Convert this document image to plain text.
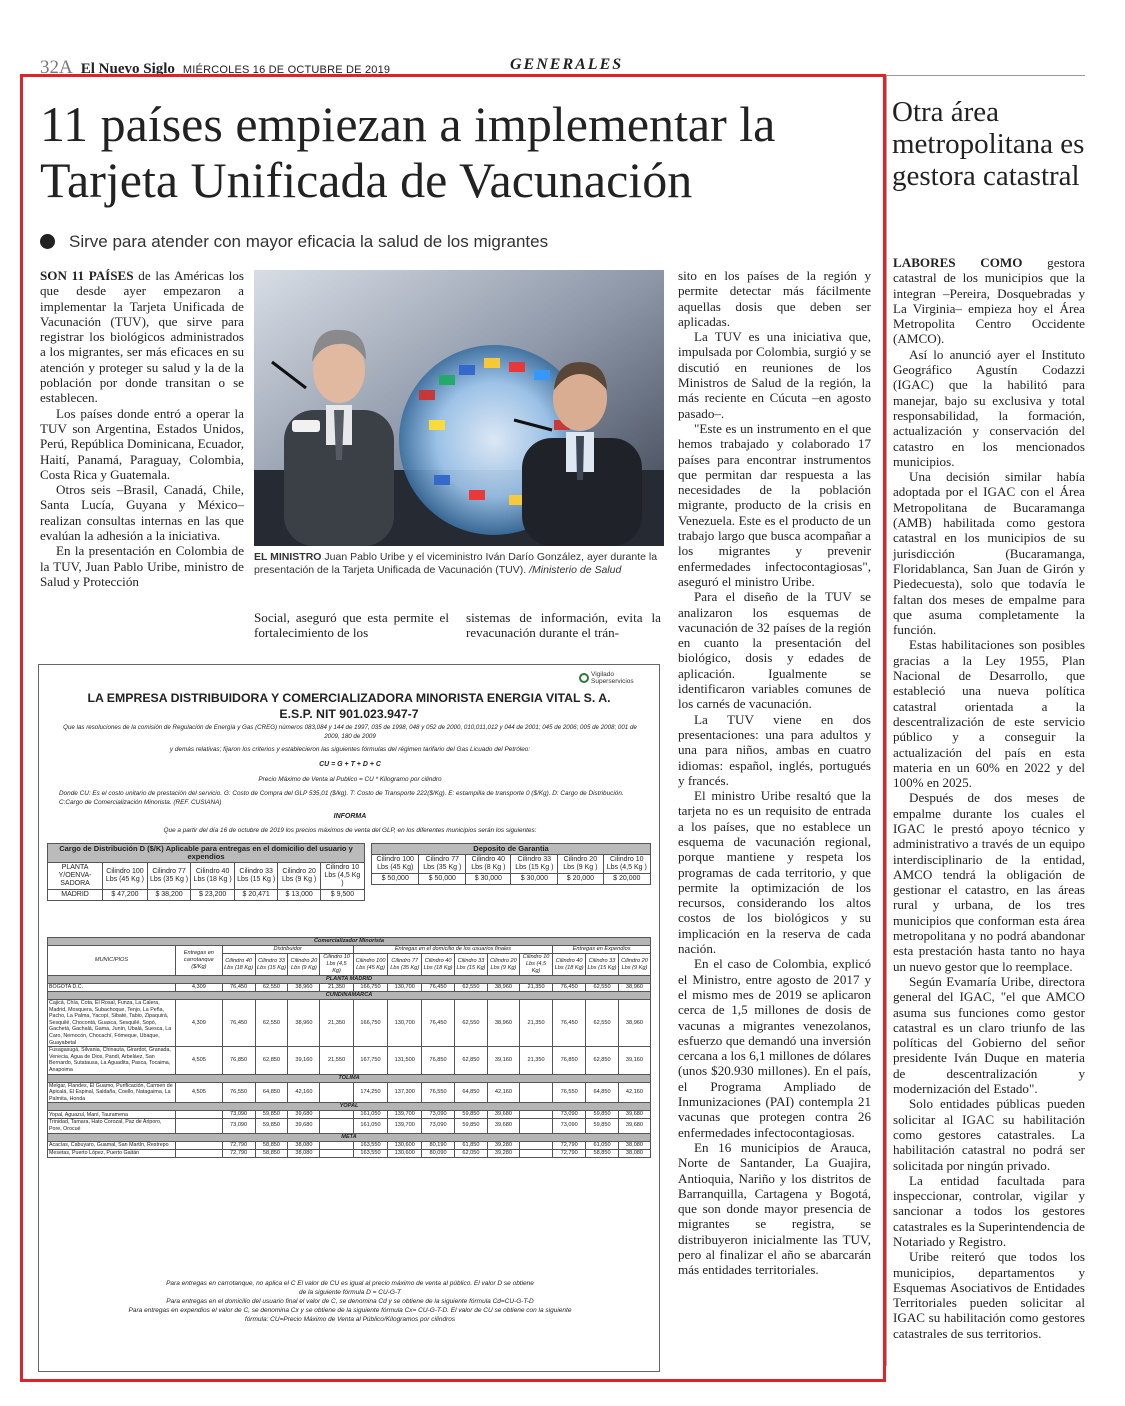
32A El Nuevo Siglo MIÉRCOLES 16 DE OCTUBRE DE 2019	GENERALES
11 países empiezan a implementar la Tarjeta Unificada de Vacunación
Sirve para atender con mayor eficacia la salud de los migrantes

SON 11 PAÍSES de las Américas los que desde ayer empezaron a implementar la Tarjeta Unificada de Vacunación (TUV), que sirve para registrar los biológicos administrados a los migrantes, ser más eficaces en su atención y proteger su salud y la de la población por donde transitan o se establecen.

Los países donde entró a operar la TUV son Argentina, Estados Unidos, Perú, República Dominicana, Ecuador, Haití, Panamá, Paraguay, Colombia, Costa Rica y Guatemala.

Otros seis –Brasil, Canadá, Chile, Santa Lucía, Guyana y México– realizan consultas internas en las que evalúan la adhesión a la iniciativa.

En la presentación en Colombia de la TUV, Juan Pablo Uribe, ministro de Salud y Protección

EL MINISTRO Juan Pablo Uribe y el viceministro Iván Darío González, ayer durante la presentación de la Tarjeta Unificada de Vacunación (TUV). /Ministerio de Salud

Social, aseguró que esta permite el fortalecimiento de los

sistemas de información, evita la revacunación durante el trán-

sito en los países de la región y permite detectar más fácilmente aquellas dosis que deben ser aplicadas.

La TUV es una iniciativa que, impulsada por Colombia, surgió y se discutió en reuniones de los Ministros de Salud de la región, la más reciente en Cúcuta –en agosto pasado–.

"Este es un instrumento en el que hemos trabajado y colaborado 17 países para encontrar instrumentos que permitan dar respuesta a las necesidades de la población migrante, producto de la crisis en Venezuela. Este es el producto de un trabajo largo que busca acompañar a los migrantes y prevenir enfermedades infectocontagiosas", aseguró el ministro Uribe.

Para el diseño de la TUV se analizaron los esquemas de vacunación de 32 países de la región en cuanto la presentación del biológico, dosis y edades de aplicación. Igualmente se identificaron variables comunes de los carnés de vacunación.

La TUV viene en dos presentaciones: una para adultos y una para niños, ambas en cuatro idiomas: español, inglés, portugués y francés.

El ministro Uribe resaltó que la tarjeta no es un requisito de entrada a los países, que no establece un esquema de vacunación regional, porque mantiene y respeta los programas de cada territorio, y que permite la optimización de los recursos, considerando los altos costos de los biológicos y su implicación en la reserva de cada nación.

En el caso de Colombia, explicó el Ministro, entre agosto de 2017 y el mismo mes de 2019 se aplicaron cerca de 1,5 millones de dosis de vacunas a migrantes venezolanos, esfuerzo que demandó una inversión cercana a los 6,1 millones de dólares (unos $20.930 millones). En el país, el Programa Ampliado de Inmunizaciones (PAI) contempla 21 vacunas que protegen contra 26 enfermedades infectocontagiosas.

En 16 municipios de Arauca, Norte de Santander, La Guajira, Antioquia, Nariño y los distritos de Barranquilla, Cartagena y Bogotá, que son donde mayor presencia de migrantes se registra, se distribuyeron inicialmente las TUV, pero al finalizar el año se abarcarán más entidades territoriales.

Vigilado
Superservicios
LA EMPRESA DISTRIBUIDORA Y COMERCIALIZADORA MINORISTA ENERGIA VITAL S. A.
E.S.P. NIT 901.023.947-7
Que las resoluciones de la comisión de Regulación de Energía y Gas (CREG) números 083,084 y 144 de 1997, 035 de 1998, 048 y 052 de 2000, 010,011,012 y 044 de 2001; 045 de 2006; 005 de 2008; 001 de 2009, 180 de 2009
y demás relativas; fijaron los criterios y establecieron las siguientes fórmulas del régimen tarifario del Gas Licuado del Petróleo:
CU = G + T + D + C
Precio Máximo de Venta al Publico = CU * Kilogramo por cilindro
Donde CU: Es el costo unitario de prestación del servicio. G: Costo de Compra del GLP 535,01 ($/kg). T: Costo de Transporte 222($/Kg). E: estampilla de transporte 0 ($/Kg). D: Cargo de Distribución. C:Cargo de Comercialización Minorista. (REF. CUSIANA)
INFORMA
Que a partir del día 16 de octubre de 2019 los precios máximos de venta del GLP, en los diferentes municipios serán los siguientes:
Cargo de Distribución D ($/K) Aplicable para entregas en el domicilio del usuario y expendios						
PLANTA Y/OENVA-SADORA	Cilindro 100 Lbs (45 Kg )	Cilindro 77 Lbs (35 Kg )	Cilindro 40 Lbs (18 Kg )	Cilindro 33 Lbs (15 Kg )	Cilindro 20 Lbs (9 Kg )	Cilindro 10 Lbs (4,5 Kg )
MADRID	$ 47,200	$ 38,200	$ 23,200	$ 20,471	$ 13,000	$ 9,500
Deposito de Garantia					
Cilindro 100 Lbs (45 Kg)	Cilindro 77 Lbs (35 Kg )	Cilindro 40 Lbs (8 Kg )	Cilindro 33 Lbs (15 Kg )	Cilindro 20 Lbs (9 Kg )	Cilindro 10 Lbs (4,5 Kg )
$ 50,000	$ 50,000	$ 30,000	$ 30,000	$ 20,000	$ 20,000
Comercializador Minorista														
MUNICIPIOS	Entregas en carrotanque ($/Kg)	Distribuidor				Entregas en el domicilio de los usuarios finales						Entregas en Expendios		
		Cilindro 40 Lbs (18 Kg)	Cilindro 33 Lbs (15 Kg)	Cilindro 20 Lbs (9 Kg)	Cilindro 10 Lbs (4,5 Kg)	Cilindro 100 Lbs (45 Kg)	Cilindro 77 Lbs (35 Kg)	Cilindro 40 Lbs (18 Kg)	Cilindro 33 Lbs (15 Kg)	Cilindro 20 Lbs (9 Kg)	Cilindro 10 Lbs (4,5 Kg)	Cilindro 40 Lbs (18 Kg)	Cilindro 33 Lbs (15 Kg)	Cilindro 20 Lbs (9 Kg)
PLANTA MADRID														
BOGOTA D.C.	4,309	76,450	62,550	38,960	21,350	166,750	130,700	76,450	62,550	38,960	21,350	76,450	62,550	38,960
CUNDINAMARCA														
Cajicá, Chía, Cota, El Rosal, Funza, La Calera, Madrid, Mosquera, Subachoque, Tenjo, La Peña, Pacho, La Palma, Yacopí, Sibaté, Tabio, Zipaquirá, Sesquilé, Chocontá, Guasca, Sesquilé, Sopó, Gachetá, Gachalá, Gama, Junín, Ubalá, Suesca, La Caro, Nemocón, Chocachí, Fómeque, Ubaque, Guayabetal	4,309	76,450	62,550	38,960	21,350	166,750	130,700	76,450	62,550	38,960	21,350	76,450	62,550	38,960
Fusagasugá, Silvania, Chinauta, Girardot, Granada, Venecia, Agua de Dios, Pandi, Arbeláez, San Bernardo, Sutatausa, La Aguadita, Pasca, Tocaima, Anapoima	4,505	76,850	62,850	39,160	21,550	167,750	131,500	76,850	62,850	39,160	21,350	76,850	62,850	39,160
TOLIMA														
Melgar, Flandes, El Guamo, Purificación, Carmen de Apicalá, El Espinal, Saldaña, Coello, Natagaima, La Palmita, Honda	4,505	76,550	64,850	42,160		174,250	137,300	76,550	64,850	42,160		76,550	64,850	42,160
YOPAL														
Yopal, Aguazul, Maní, Tauramena		73,090	59,850	39,680		161,050	139,700	73,090	59,850	39,680		73,090	59,850	39,680
Trinidad, Tamara, Hato Corozal, Paz de Ariporo, Pore, Orocué		73,090	59,850	39,680		161,050	139,700	73,090	59,850	39,680		73,090	59,850	39,680
META														
Acacías, Cabuyaro, Guamal, San Martín, Restrepo		72,790	58,850	38,080		163,550	130,600	80,190	61,850	39,280		72,790	61,050	38,080
Mesetas, Puerto López, Puerto Gaitán		72,790	58,850	38,080		163,550	130,600	80,090	62,050	39,280		72,790	58,850	38,080
Para entregas en carrotanque, no aplica el C El valor de CU es igual al precio máximo de venta al público. El valor D se obtiene
de la siguiente fórmula D = CU-G-T
Para entregas en el domicilio del usuario final el valor de C, se denomina Cd y se obtiene de la siguiente fórmula Cd=CU-G-T-D
Para entregas en expendios el valor de C, se denomina Cx y se obtiene de la siguiente fórmula Cx= CU-G-T-D. El valor de CU se obtiene con la siguiente
fórmula: CU=Precio Máximo de Venta al Público/Kilogramos por cilindros
Otra área metropolitana es gestora catastral

LABORES COMO gestora catastral de los municipios que la integran –Pereira, Dosquebradas y La Virginia– empieza hoy el Área Metropolita Centro Occidente (AMCO).

Así lo anunció ayer el Instituto Geográfico Agustín Codazzi (IGAC) que la habilitó para manejar, bajo su exclusiva y total responsabilidad, la formación, actualización y conservación del catastro en los mencionados municipios.

Una decisión similar había adoptada por el IGAC con el Área Metropolitana de Bucaramanga (AMB) habilitada como gestora catastral en los municipios de su jurisdicción (Bucaramanga, Floridablanca, San Juan de Girón y Piedecuesta), solo que todavía le faltan dos meses de empalme para que asuma completamente la función.

Estas habilitaciones son posibles gracias a la Ley 1955, Plan Nacional de Desarrollo, que estableció una nueva política catastral orientada a la descentralización de este servicio público y a conseguir la actualización del país en esta materia en un 60% en 2022 y del 100% en 2025.

Después de dos meses de empalme durante los cuales el IGAC le prestó apoyo técnico y administrativo a través de un equipo interdisciplinario de la entidad, AMCO tendrá la obligación de gestionar el catastro, en las áreas rural y urbana, de los tres municipios que conforman esta área metropolitana y no podrá abandonar esta prestación hasta tanto no haya un nuevo gestor que lo reemplace.

Según Evamaría Uribe, directora general del IGAC, "el que AMCO asuma sus funciones como gestor catastral es un claro triunfo de las políticas del Gobierno del señor presidente Iván Duque en materia de descentralización y modernización del Estado".

Solo entidades públicas pueden solicitar al IGAC su habilitación como gestores catastrales. La habilitación catastral no podrá ser solicitada por ningún privado.

La entidad facultada para inspeccionar, controlar, vigilar y sancionar a todos los gestores catastrales es la Superintendencia de Notariado y Registro.

Uribe reiteró que todos los municipios, departamentos y Esquemas Asociativos de Entidades Territoriales pueden solicitar al IGAC su habilitación como gestores catastrales de sus territorios.
